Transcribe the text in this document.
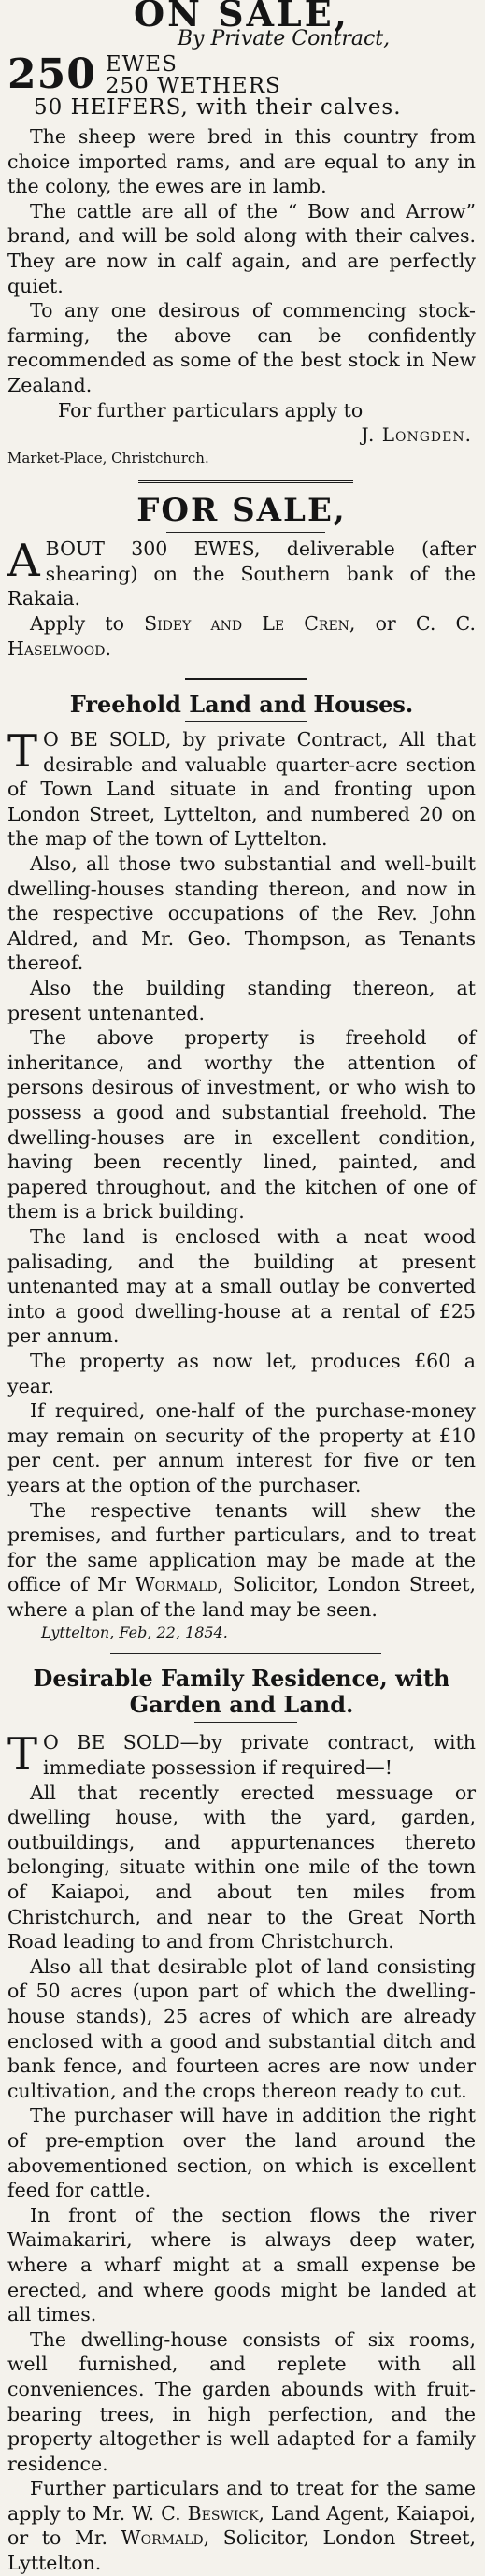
ON SALE,
By Private Contract,
250 EWES
250 WETHERS
50 HEIFERS, with their calves.

The sheep were bred in this country from choice imported rams, and are equal to any in the colony, the ewes are in lamb.

The cattle are all of the “ Bow and Arrow” brand, and will be sold along with their calves. They are now in calf again, and are perfectly quiet.

To any one desirous of commencing stock-farming, the above can be confidently recommended as some of the best stock in New Zealand.

For further particulars apply to

J. Longden.
Market-Place, Christchurch.
FOR SALE,

ABOUT 300 EWES, deliverable (after shearing) on the Southern bank of the Rakaia.

Apply to Sidey and Le Cren, or C. C. Haselwood.

Freehold Land and Houses.

T O BE SOLD, by private Contract, All that desirable and valuable quarter-acre section of Town Land situate in and fronting upon London Street, Lyttelton, and numbered 20 on the map of the town of Lyttelton.

Also, all those two substantial and well-built dwelling-houses standing thereon, and now in the respective occupations of the Rev. John Aldred, and Mr. Geo. Thompson, as Tenants thereof.

Also the building standing thereon, at present untenanted.

The above property is freehold of inheritance, and worthy the attention of persons desirous of investment, or who wish to possess a good and substantial freehold. The dwelling-houses are in excellent condition, having been recently lined, painted, and papered throughout, and the kitchen of one of them is a brick building.

The land is enclosed with a neat wood palisading, and the building at present untenanted may at a small outlay be converted into a good dwelling-house at a rental of £25 per annum.

The property as now let, produces £60 a year.

If required, one-half of the purchase-money may remain on security of the property at £10 per cent. per annum interest for five or ten years at the option of the purchaser.

The respective tenants will shew the premises, and further particulars, and to treat for the same application may be made at the office of Mr Wormald, Solicitor, London Street, where a plan of the land may be seen.

Lyttelton, Feb, 22, 1854.
Desirable Family Residence, with Garden and Land.

T O BE SOLD—by private contract, with immediate possession if required—!

All that recently erected messuage or dwelling house, with the yard, garden, outbuildings, and appurtenances thereto belonging, situate within one mile of the town of Kaiapoi, and about ten miles from Christchurch, and near to the Great North Road leading to and from Christchurch.

Also all that desirable plot of land consisting of 50 acres (upon part of which the dwelling-house stands), 25 acres of which are already enclosed with a good and substantial ditch and bank fence, and fourteen acres are now under cultivation, and the crops thereon ready to cut.

The purchaser will have in addition the right of pre-emption over the land around the abovementioned section, on which is excellent feed for cattle.

In front of the section flows the river Waimakariri, where is always deep water, where a wharf might at a small expense be erected, and where goods might be landed at all times.

The dwelling-house consists of six rooms, well furnished, and replete with all conveniences. The garden abounds with fruit-bearing trees, in high perfection, and the property altogether is well adapted for a family residence.

Further particulars and to treat for the same apply to Mr. W. C. Beswick, Land Agent, Kaiapoi, or to Mr. Wormald, Solicitor, London Street, Lyttelton.
